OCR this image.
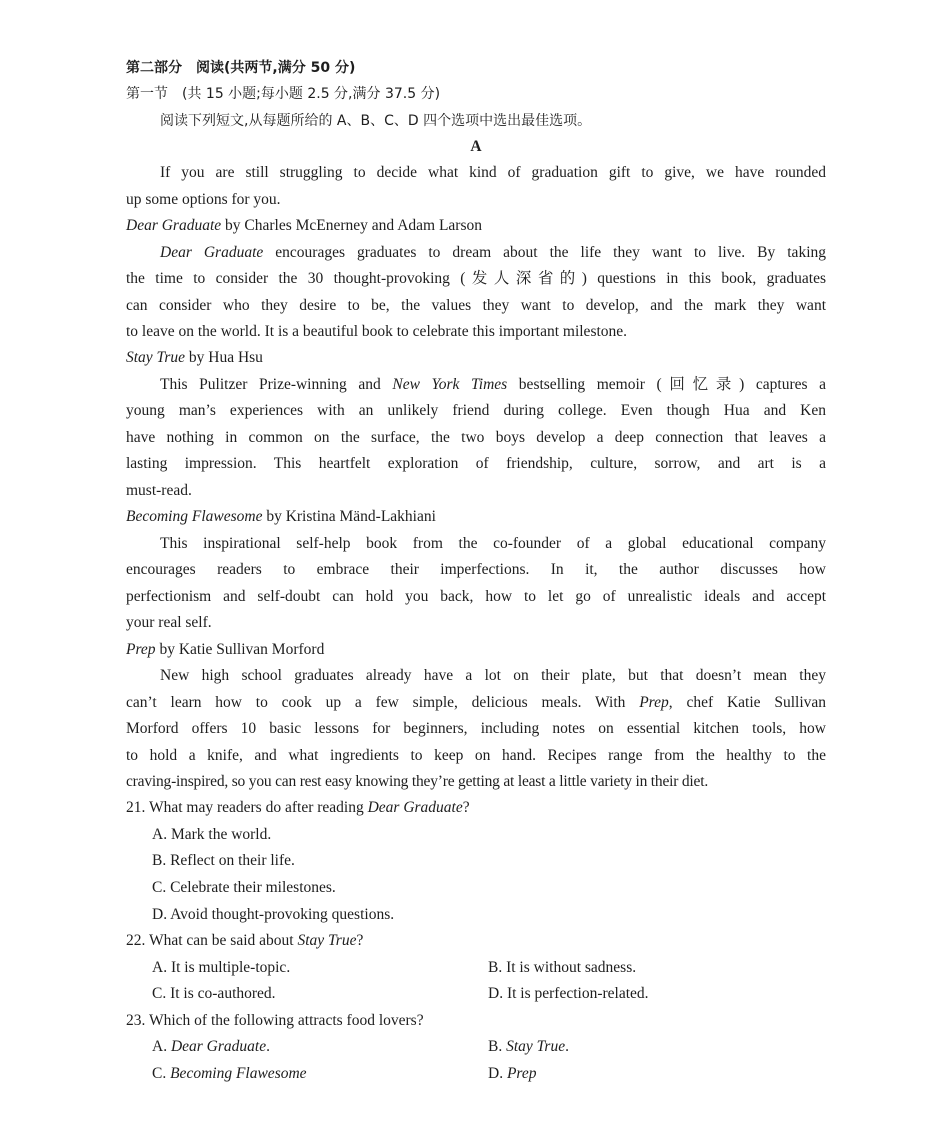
第二部分　阅读(共两节,满分 50 分)
第一节　(共 15 小题;每小题 2.5 分,满分 37.5 分)
阅读下列短文,从每题所给的 A、B、C、D 四个选项中选出最佳选项。
A
If you are still struggling to decide what kind of graduation gift to give, we have rounded
up some options for you.
Dear Graduate by Charles McEnerney and Adam Larson
Dear Graduate encourages graduates to dream about the life they want to live. By taking
the time to consider the 30 thought-provoking (发人深省的) questions in this book, graduates
can consider who they desire to be, the values they want to develop, and the mark they want
to leave on the world. It is a beautiful book to celebrate this important milestone.
Stay True by Hua Hsu
This Pulitzer Prize-winning and New York Times bestselling memoir (回忆录) captures a
young man’s experiences with an unlikely friend during college. Even though Hua and Ken
have nothing in common on the surface, the two boys develop a deep connection that leaves a
lasting impression. This heartfelt exploration of friendship, culture, sorrow, and art is a
must-read.
Becoming Flawesome by Kristina Mänd-Lakhiani
This inspirational self-help book from the co-founder of a global educational company
encourages readers to embrace their imperfections. In it, the author discusses how
perfectionism and self-doubt can hold you back, how to let go of unrealistic ideals and accept
your real self.
Prep by Katie Sullivan Morford
New high school graduates already have a lot on their plate, but that doesn’t mean they
can’t learn how to cook up a few simple, delicious meals. With Prep, chef Katie Sullivan
Morford offers 10 basic lessons for beginners, including notes on essential kitchen tools, how
to hold a knife, and what ingredients to keep on hand. Recipes range from the healthy to the
craving-inspired, so you can rest easy knowing they’re getting at least a little variety in their diet.
21. What may readers do after reading Dear Graduate?
A. Mark the world.
B. Reflect on their life.
C. Celebrate their milestones.
D. Avoid thought-provoking questions.
22. What can be said about Stay True?
A. It is multiple-topic.	B. It is without sadness.
C. It is co-authored.	D. It is perfection-related.
23. Which of the following attracts food lovers?
A. Dear Graduate.	B. Stay True.
C. Becoming Flawesome	D. Prep
